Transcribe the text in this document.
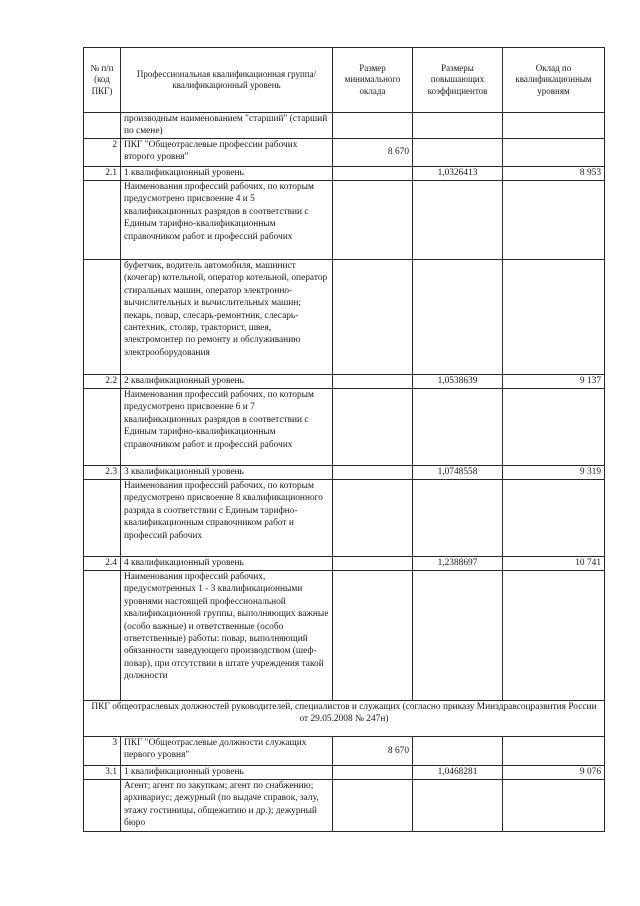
№ п/п (код ПКГ)	Профессиональная квалификационная группа/квалификационный уровень	Размер минимального оклада	Размеры повышающих коэффициентов	Оклад по квалификационным уровням
	производным наименованием "старший" (старший по смене)			
2	ПКГ "Общеотраслевые профессии рабочих второго уровня"	8 670		
2.1	1 квалификационный уровень		1,0326413	8 953
	Наименования профессий рабочих, по которым предусмотрено присвоение 4 и 5 квалификационных разрядов в соответствии с Единым тарифно-квалификационным справочником работ и профессий рабочих			
	буфетчик, водитель автомобиля, машинист (кочегар) котельной, оператор котельной, оператор стиральных машин, оператор электронно-вычислительных и вычислительных машин; пекарь, повар, слесарь-ремонтник, слесарь-сантехник, столяр, тракторист, швея, электромонтер по ремонту и обслуживанию электрооборудования			
2.2	2 квалификационный уровень		1,0538639	9 137
	Наименования профессий рабочих, по которым предусмотрено присвоение 6 и 7 квалификационных разрядов в соответствии с Единым тарифно-квалификационным справочником работ и профессий рабочих			
2.3	3 квалификационный уровень		1,0748558	9 319
	Наименования профессий рабочих, по которым предусмотрено присвоение 8 квалификационного разряда в соответствии с Единым тарифно-квалификационным справочником работ и профессий рабочих			
2.4	4 квалификационный уровень		1,2388697	10 741
	Наименования профессий рабочих, предусмотренных 1 - 3 квалификационными уровнями настоящей профессиональной квалификационной группы, выполняющих важные (особо важные) и ответственные (особо ответственные) работы: повар, выполняющий обязанности заведующего производством (шеф-повар), при отсутствии в штате учреждения такой должности			
ПКГ общеотраслевых должностей руководителей, специалистов и служащих (согласно приказу Минздравсоцразвития России от 29.05.2008 № 247н)				
3	ПКГ "Общеотраслевые должности служащих первого уровня"	8 670		
3.1	1 квалификационный уровень		1,0468281	9 076
	Агент; агент по закупкам; агент по снабжению; архивариус; дежурный (по выдаче справок, залу, этажу гостиницы, общежитию и др.); дежурный бюро			
